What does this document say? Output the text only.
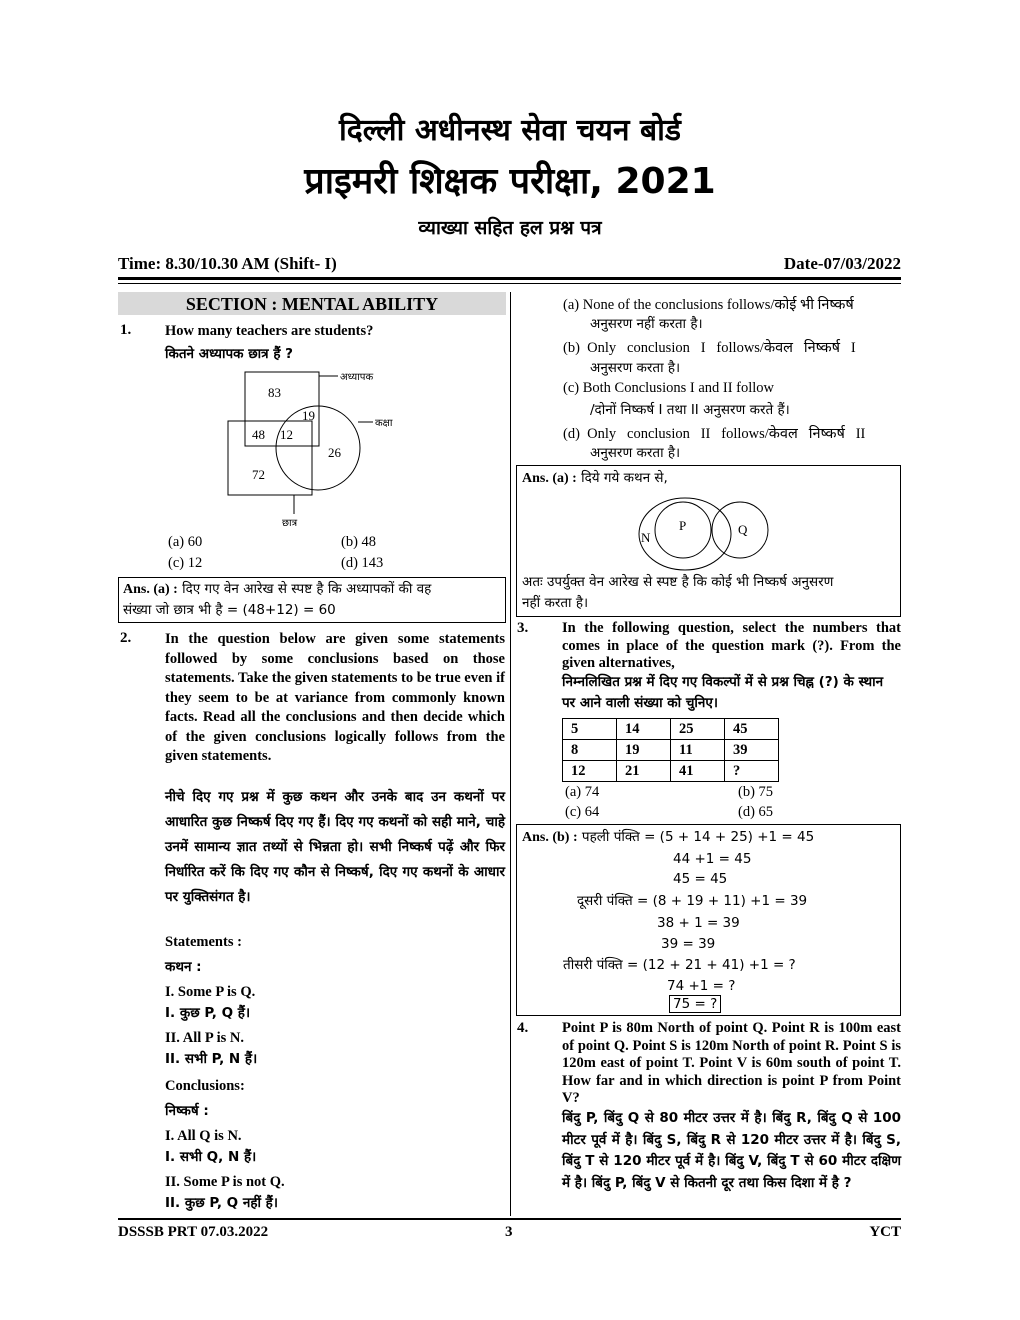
दिल्ली अधीनस्थ सेवा चयन बोर्ड
प्राइमरी शिक्षक परीक्षा, 2021
व्याख्या सहित हल प्रश्न पत्र
Time: 8.30/10.30 AM (Shift- I)	Date-07/03/2022
SECTION : MENTAL ABILITY
1. How many teachers are students?
कितने अध्यापक छात्र हैं ?
83
19
48 12
26
72
अध्यापक
कक्षा
छात्र
(a) 60	(b) 48
(c) 12	(d) 143
Ans. (a) : दिए गए वेन आरेख से स्पष्ट है कि अध्यापकों की वह
संख्या जो छात्र भी है = (48+12) = 60
2. In the question below are given some statements followed by some conclusions based on those statements. Take the given statements to be true even if they seem to be at variance from commonly known facts. Read all the conclusions and then decide which of the given conclusions logically follows from the given statements.
नीचे दिए गए प्रश्न में कुछ कथन और उनके बाद उन कथनों पर आधारित कुछ निष्कर्ष दिए गए हैं। दिए गए कथनों को सही माने, चाहे उनमें सामान्य ज्ञात तथ्यों से भिन्नता हो। सभी निष्कर्ष पढ़ें और फिर निर्धारित करें कि दिए गए कौन से निष्कर्ष, दिए गए कथनों के आधार पर युक्तिसंगत है।
Statements :
कथन :
I. Some P is Q.
I. कुछ P, Q हैं।
II. All P is N.
II. सभी P, N हैं।
Conclusions:
निष्कर्ष :
I. All Q is N.
I. सभी Q, N हैं।
II. Some P is not Q.
II. कुछ P, Q नहीं हैं।
(a) None of the conclusions follows/कोई भी निष्कर्ष
अनुसरण नहीं करता है।
(b)  Only   conclusion   I   follows/केवल   निष्कर्ष   I
अनुसरण करता है।
(c) Both Conclusions I and II follow
/दोनों निष्कर्ष I तथा II अनुसरण करते हैं।
(d)  Only   conclusion   II   follows/केवल   निष्कर्ष   II
अनुसरण करता है।
Ans. (a) : दिये गये कथन से,
N
P	Q
अतः उपर्युक्त वेन आरेख से स्पष्ट है कि कोई भी निष्कर्ष अनुसरण
नहीं करता है।
3. In the following question, select the numbers that comes in place of the question mark (?). From the given alternatives,
निम्नलिखित प्रश्न में दिए गए विकल्पों में से प्रश्न चिह्न (?) के स्थान पर आने वाली संख्या को चुनिए।
5	14	25	45
8	19	11	39
12	21	41	?
(a) 74	(b) 75
(c) 64	(d) 65
Ans. (b) : पहली पंक्ति = (5 + 14 + 25) +1 = 45
44 +1 = 45
45 = 45
दूसरी पंक्ति = (8 + 19 + 11) +1 = 39
38 + 1 = 39
39 = 39
तीसरी पंक्ति = (12 + 21 + 41) +1 = ?
74 +1 = ?
75 = ?
4. Point P is 80m North of point Q. Point R is 100m east of point Q. Point S is 120m North of point R. Point S is 120m east of point T. Point V is 60m south of point T. How far and in which direction is point P from Point V?
बिंदु P, बिंदु Q से 80 मीटर उत्तर में है। बिंदु R, बिंदु Q से 100 मीटर पूर्व में है। बिंदु S, बिंदु R से 120 मीटर उत्तर में है। बिंदु S, बिंदु T से 120 मीटर पूर्व में है। बिंदु V, बिंदु T से 60 मीटर दक्षिण में है। बिंदु P, बिंदु V से कितनी दूर तथा किस दिशा में है ?
DSSSB PRT 07.03.2022	3	YCT
